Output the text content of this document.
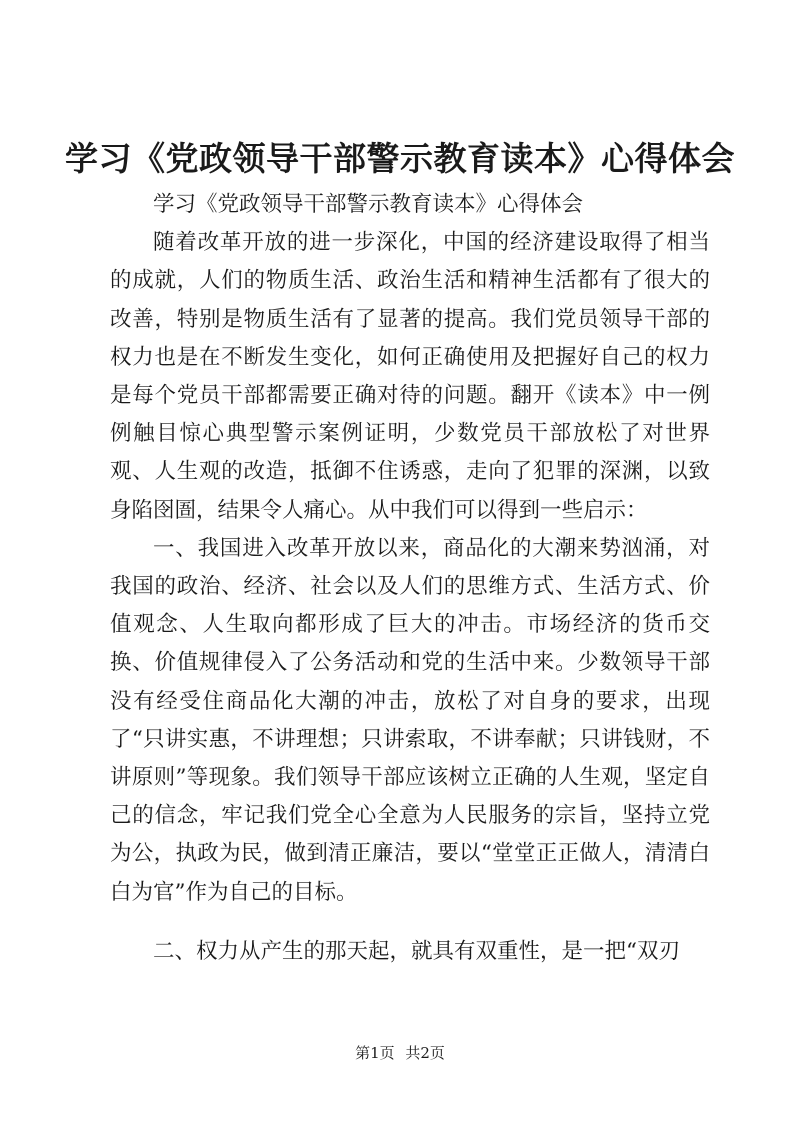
学习《党政领导干部警示教育读本》心得体会

学习《党政领导干部警示教育读本》心得体会

随着改革开放的进一步深化，中国的经济建设取得了相当的成就，人们的物质生活、政治生活和精神生活都有了很大的改善，特别是物质生活有了显著的提高。我们党员领导干部的权力也是在不断发生变化，如何正确使用及把握好自己的权力是每个党员干部都需要正确对待的问题。翻开《读本》中一例例触目惊心典型警示案例证明，少数党员干部放松了对世界观、人生观的改造，抵御不住诱惑，走向了犯罪的深渊，以致身陷囹圄，结果令人痛心。从中我们可以得到一些启示：

一、我国进入改革开放以来，商品化的大潮来势汹涌，对我国的政治、经济、社会以及人们的思维方式、生活方式、价值观念、人生取向都形成了巨大的冲击。市场经济的货币交换、价值规律侵入了公务活动和党的生活中来。少数领导干部没有经受住商品化大潮的冲击，放松了对自身的要求，出现了“只讲实惠，不讲理想；只讲索取，不讲奉献；只讲钱财，不讲原则”等现象。我们领导干部应该树立正确的人生观，坚定自己的信念，牢记我们党全心全意为人民服务的宗旨，坚持立党为公，执政为民，做到清正廉洁，要以“堂堂正正做人，清清白白为官”作为自己的目标。

二、权力从产生的那天起，就具有双重性，是一把“双刃

第1页 共2页
